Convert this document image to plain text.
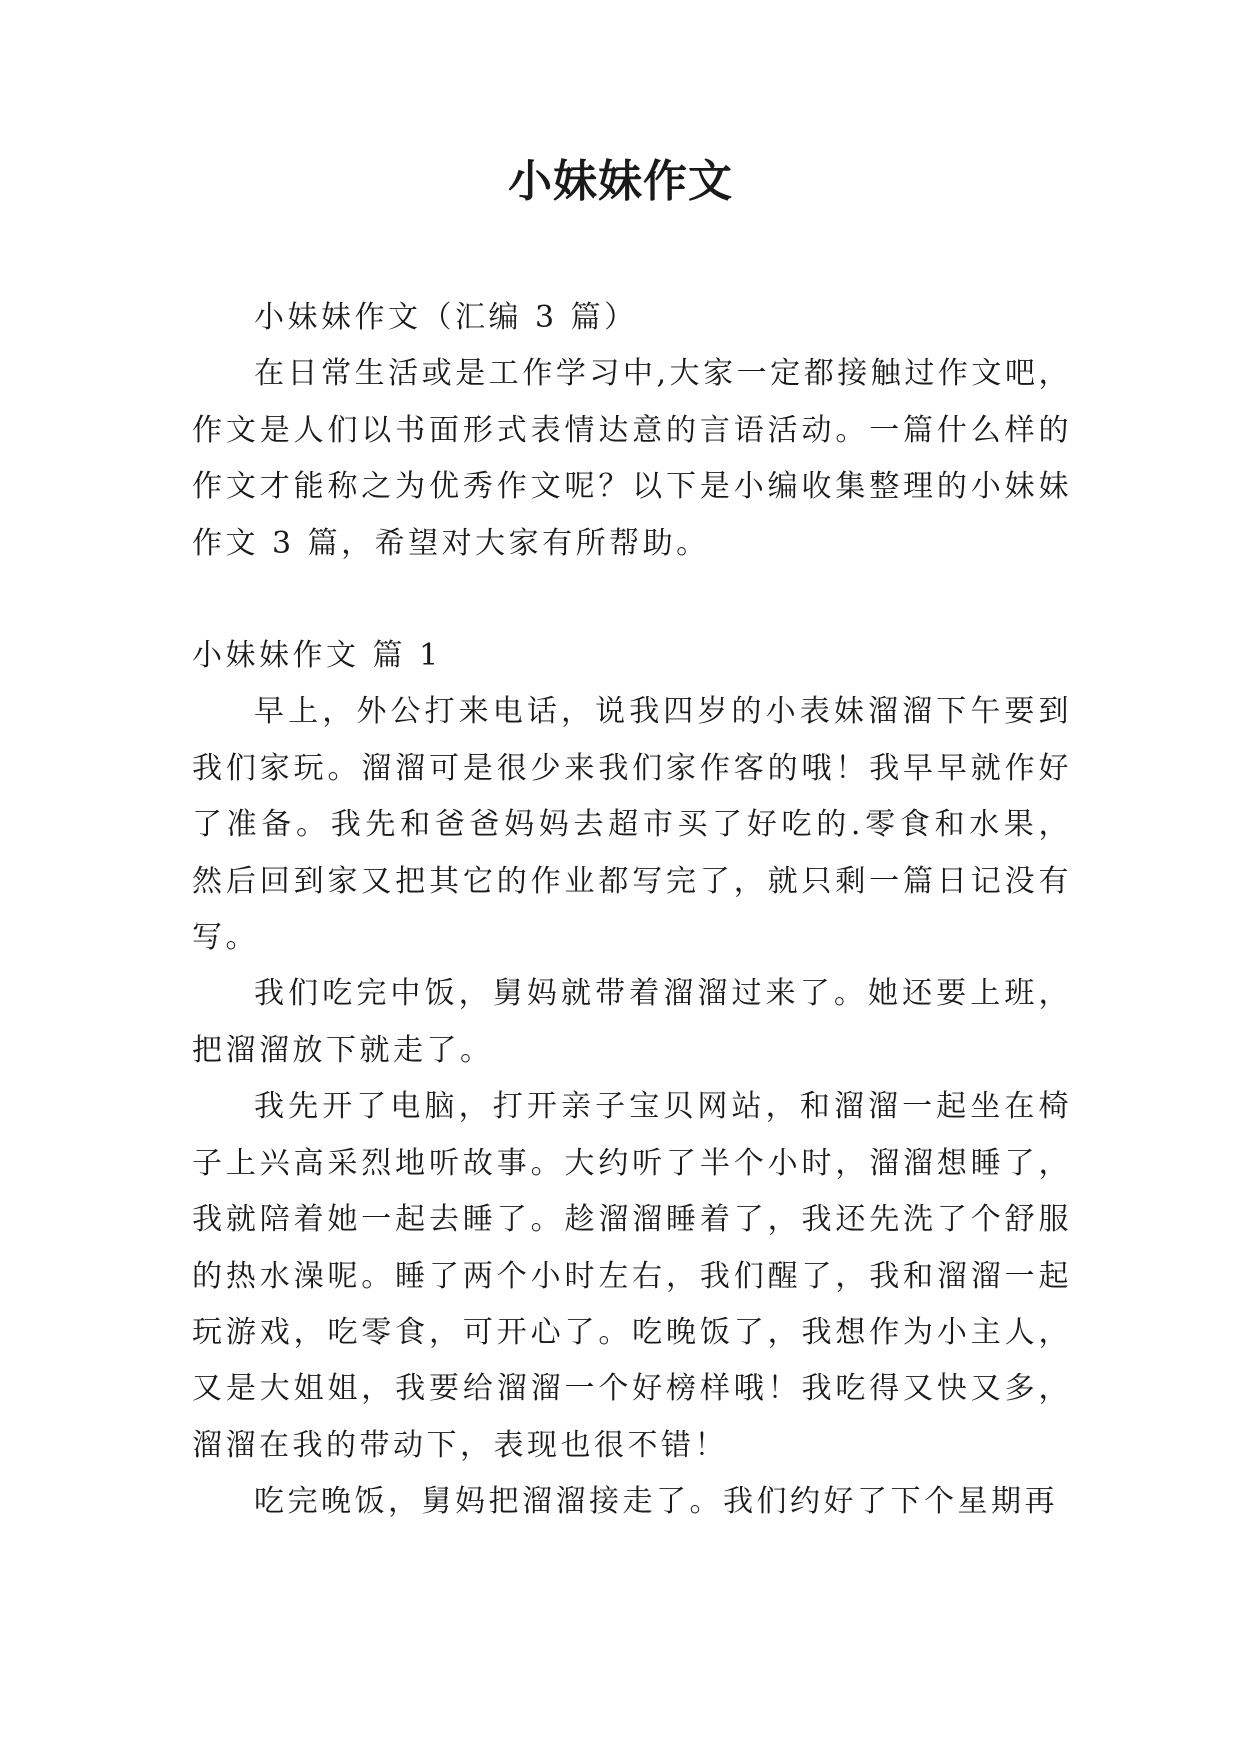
小妹妹作文

小妹妹作文（汇编 3 篇）

在日常生活或是工作学习中,大家一定都接触过作文吧，作文是人们以书面形式表情达意的言语活动。一篇什么样的作文才能称之为优秀作文呢？以下是小编收集整理的小妹妹作文 3 篇，希望对大家有所帮助。

小妹妹作文 篇 1

早上，外公打来电话，说我四岁的小表妹溜溜下午要到我们家玩。溜溜可是很少来我们家作客的哦！我早早就作好了准备。我先和爸爸妈妈去超市买了好吃的.零食和水果，然后回到家又把其它的作业都写完了，就只剩一篇日记没有写。

我们吃完中饭，舅妈就带着溜溜过来了。她还要上班，把溜溜放下就走了。

我先开了电脑，打开亲子宝贝网站，和溜溜一起坐在椅子上兴高采烈地听故事。大约听了半个小时，溜溜想睡了，我就陪着她一起去睡了。趁溜溜睡着了，我还先洗了个舒服的热水澡呢。睡了两个小时左右，我们醒了，我和溜溜一起玩游戏，吃零食，可开心了。吃晚饭了，我想作为小主人，又是大姐姐，我要给溜溜一个好榜样哦！我吃得又快又多，溜溜在我的带动下，表现也很不错！

吃完晚饭，舅妈把溜溜接走了。我们约好了下个星期再
